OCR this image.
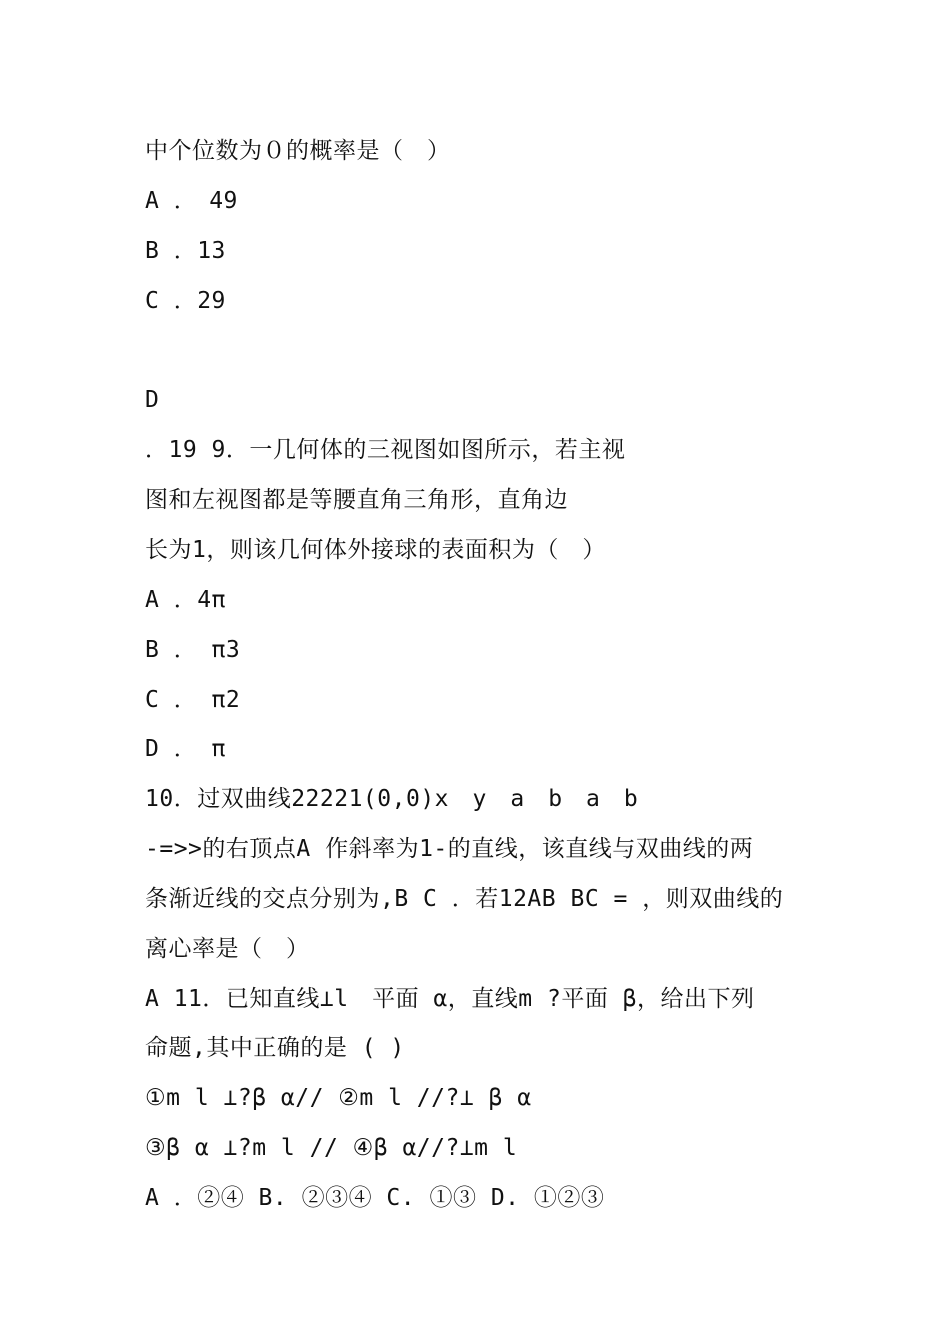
中个位数为０的概率是（　）
A ．　49
B ．13
C ．29
D
．19 9．一几何体的三视图如图所示，若主视
图和左视图都是等腰直角三角形，直角边
长为1，则该几何体外接球的表面积为（　）
A ．4π
B ． π3
C ． π2
D ． π
10．过双曲线22221(0,0)x　y　a　b　a　b
-=>>的右顶点A 作斜率为1-的直线，该直线与双曲线的两
条渐近线的交点分别为,B C ．若12AB BC = ，则双曲线的
离心率是（　）
A 11．已知直线⊥l　平面 α，直线m ?平面 β，给出下列
命题,其中正确的是 ( )
①m l ⊥?β α// ②m l //?⊥ β α
③β α ⊥?m l // ④β α//?⊥m l
A ．②④ B. ②③④ C. ①③ D. ①②③
